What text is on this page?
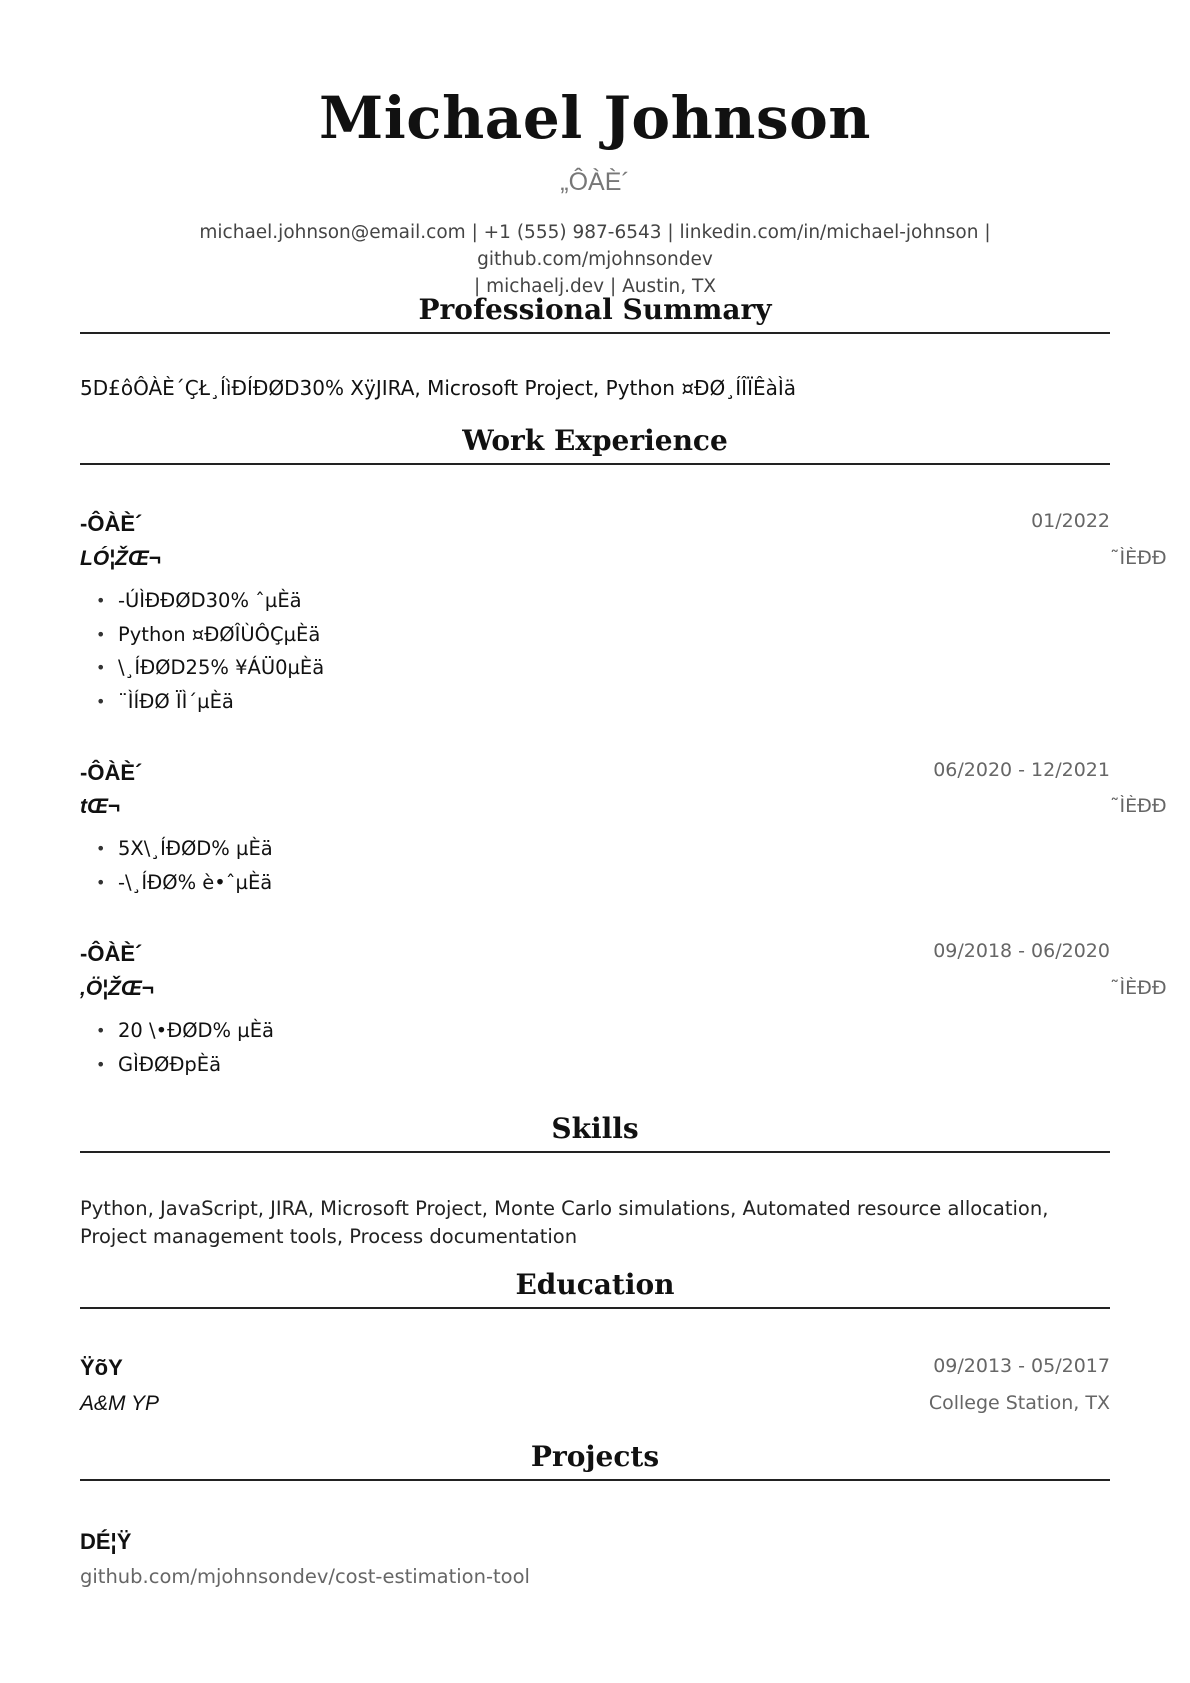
Michael Johnson
„ÔÀÈ´
michael.johnson@email.com | +1 (555) 987-6543 | linkedin.com/in/michael-johnson | github.com/mjohnsondev
| michaelj.dev | Austin, TX
Professional Summary
5D£ôÔÀÈ´ÇŁ¸ÍìÐÍÐØD30% XÿJIRA, Microsoft Project, Python ¤ÐØ¸ÍÎÏÊàÌä
Work Experience
-ÔÀÈ´	01/2022
LÓ¦ŽŒ¬	˜ÌÈÐÐ
• -ÚÌÐÐØD30% ˆµÈä
• Python ¤ÐØÎÙÔÇµÈä
• \¸ÍÐØD25% ¥ÁÜ0µÈä
• ¨ÌÍÐØ ÏÌ´µÈä
-ÔÀÈ´	06/2020 - 12/2021
tŒ¬	˜ÌÈÐÐ
• 5X\¸ÍÐØD% µÈä
• -\¸ÍÐØ% è•ˆµÈä
-ÔÀÈ´	09/2018 - 06/2020
,Ö¦ŽŒ¬	˜ÌÈÐÐ
• 20 \•ÐØD% µÈä
• GÌÐØÐpÈä
Skills
Python, JavaScript, JIRA, Microsoft Project, Monte Carlo simulations, Automated resource allocation, Project management tools, Process documentation
Education
ŸõY	09/2013 - 05/2017
A&M YP	College Station, TX
Projects
DÉ¦Ÿ
github.com/mjohnsondev/cost-estimation-tool
